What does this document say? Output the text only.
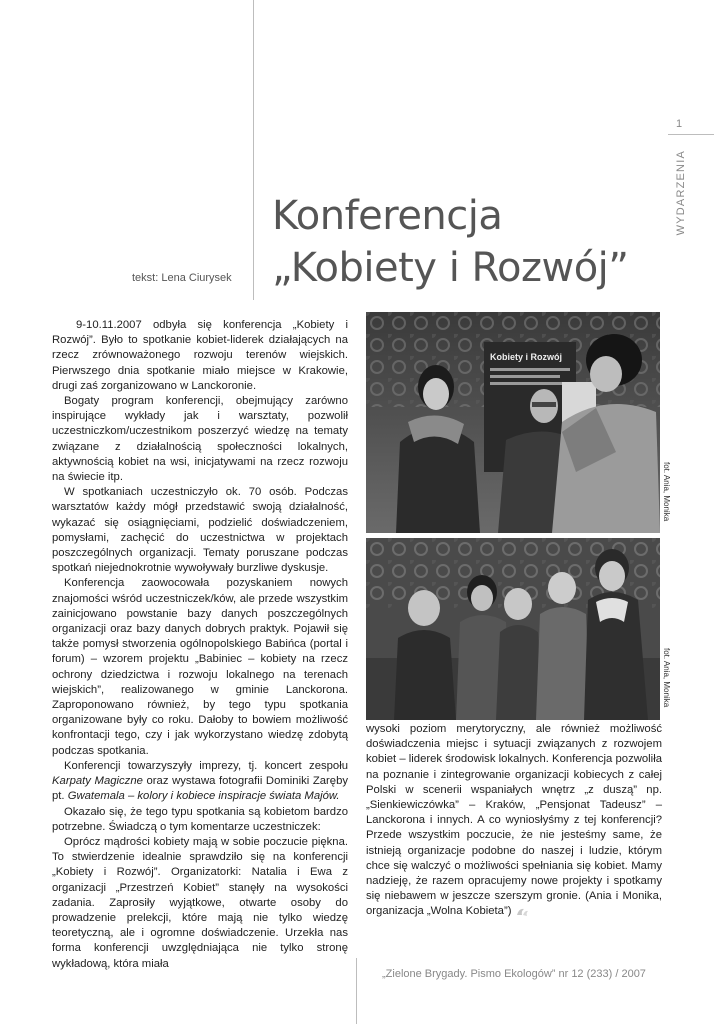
1
WYDARZENIA
Konferencja
„Kobiety i Rozwój”
tekst: Lena Ciurysek

9-10.11.2007 odbyła się konferencja „Kobiety i Rozwój”. Było to spotkanie kobiet-liderek działających na rzecz zrównoważonego rozwoju terenów wiejskich. Pierwszego dnia spotkanie miało miejsce w Krakowie, drugi zaś zorganizowano w Lanckoronie.

Bogaty program konferencji, obejmujący zarówno inspirujące wykłady jak i warsztaty, pozwolił uczestniczkom/uczestnikom poszerzyć wiedzę na tematy związane z działalnością społeczności lokalnych, aktywnością kobiet na wsi, inicjatywami na rzecz rozwoju na świecie itp.

W spotkaniach uczestniczyło ok. 70 osób. Podczas warsztatów każdy mógł przedstawić swoją działalność, wykazać się osiągnięciami, podzielić doświadczeniem, pomysłami, zachęcić do uczestnictwa w projektach poszczególnych organizacji. Tematy poruszane podczas spotkań niejednokrotnie wywoływały burzliwe dyskusje.

Konferencja zaowocowała pozyskaniem nowych znajomości wśród uczestniczek/ków, ale przede wszystkim zainicjowano powstanie bazy danych poszczególnych organizacji oraz bazy danych dobrych praktyk. Pojawił się także pomysł stworzenia ogólnopolskiego Babińca (portal i forum) – wzorem projektu „Babiniec – kobiety na rzecz ochrony dziedzictwa i rozwoju lokalnego na terenach wiejskich”, realizowanego w gminie Lanckorona. Zaproponowano również, by tego typu spotkania organizowane były co roku. Dałoby to bowiem możliwość konfrontacji tego, czy i jak wykorzystano wiedzę zdobytą podczas spotkania.

Konferencji towarzyszyły imprezy, tj. koncert zespołu Karpaty Magiczne oraz wystawa fotografii Dominiki Zaręby pt. Gwatemala – kolory i kobiece inspiracje świata Majów.

Okazało się, że tego typu spotkania są kobietom bardzo potrzebne. Świadczą o tym komentarze uczestniczek:

Oprócz mądrości kobiety mają w sobie poczucie piękna. To stwierdzenie idealnie sprawdziło się na konferencji „Kobiety i Rozwój”. Organizatorki: Natalia i Ewa z organizacji „Przestrzeń Kobiet” stanęły na wysokości zadania. Zaprosiły wyjątkowe, otwarte osoby do prowadzenie prelekcji, które mają nie tylko wiedzę teoretyczną, ale i ogromne doświadczenie. Urzekła nas forma konferencji uwzględniająca nie tylko stronę wykładową, która miała

Kobiety i Rozwój
fot. Ania, Monika
fot. Ania, Monika

wysoki poziom merytoryczny, ale również możliwość doświadczenia miejsc i sytuacji związanych z rozwojem kobiet – liderek środowisk lokalnych. Konferencja pozwoliła na poznanie i zintegrowanie organizacji kobiecych z całej Polski w scenerii wspaniałych wnętrz „z duszą” np. „Sienkiewiczówka” – Kraków, „Pensjonat Tadeusz” – Lanckorona i innych. A co wyniosłyśmy z tej konferencji? Przede wszystkim poczucie, że nie jesteśmy same, że istnieją organizacje podobne do naszej i ludzie, którym chce się walczyć o możliwości spełniania się kobiet. Mamy nadzieję, że razem opracujemy nowe projekty i spotkamy się niebawem w jeszcze szerszym gronie. (Ania i Monika, organizacja „Wolna Kobieta”)

„Zielone Brygady. Pismo Ekologów” nr 12 (233) / 2007
